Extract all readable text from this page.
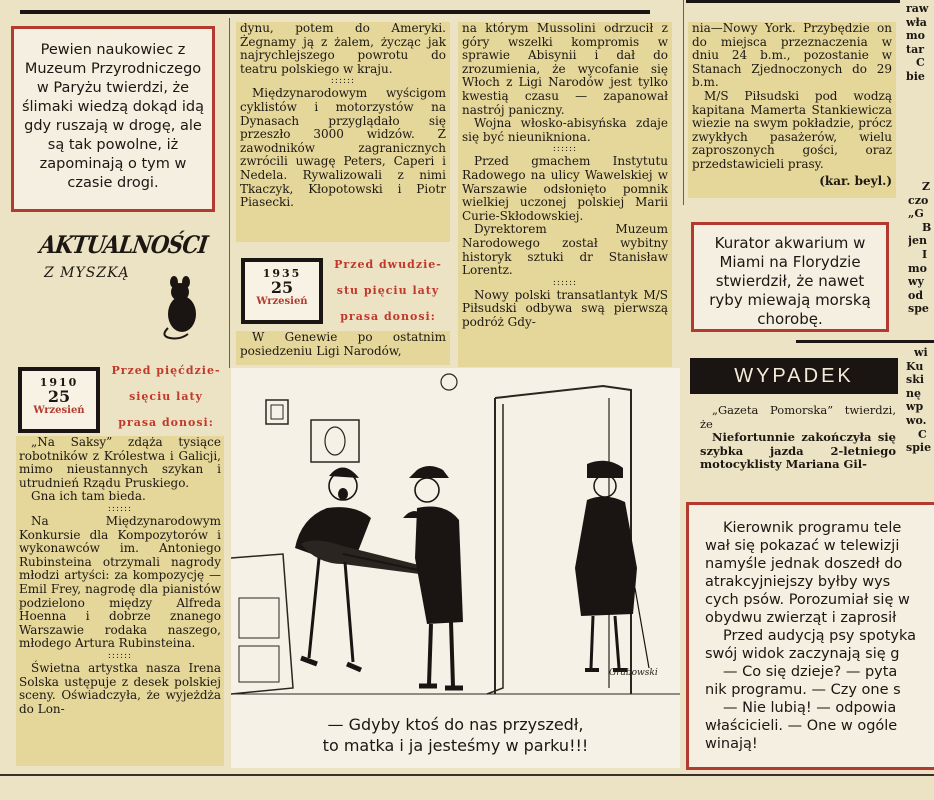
Pewien naukowiec z Muzeum Przyrodniczego w Paryżu twierdzi, że ślimaki wiedzą dokąd idą gdy ruszają w drogę, ale są tak powolne, iż zapominają o tym w czasie drogi.
AKTUALNOŚCI
Z MYSZKĄ
1910
25
Wrzesień
Przed pięćdzie-
sięciu laty
prasa donosi:

„Na Saksy” zdąża tysiące robotników z Królestwa i Galicji, mimo nieustannych szykan i utrudnień Rządu Pruskiego.

Gna ich tam bieda.

::::::

Na Międzynarodowym Konkursie dla Kompozytorów i wykonawców im. Antoniego Rubinsteina otrzymali nagrody młodzi artyści: za kompozycję — Emil Frey, nagrodę dla pianistów podzielono między Alfreda Hoenna i dobrze znanego Warszawie rodaka naszego, młodego Artura Rubinsteina.

::::::

Świetna artystka nasza Irena Solska ustępuje z desek polskiej sceny. Oświadczyła, że wyjeżdża do Lon-

dynu, potem do Ameryki. Żegnamy ją z żalem, życząc jak najrychlejszego powrotu do teatru polskiego w kraju.

::::::

Międzynarodowym wyścigom cyklistów i motorzystów na Dynasach przyglądało się przeszło 3000 widzów. Z zawodników zagranicznych zwrócili uwagę Peters, Caperi i Nedela. Rywalizowali z nimi Tkaczyk, Kłopotowski i Piotr Piasecki.

1935
25
Wrzesień
Przed dwudzie-
stu pięciu laty
prasa donosi:

W Genewie po ostatnim posiedzeniu Ligi Narodów,

na którym Mussolini odrzucił z góry wszelki kompromis w sprawie Abisynii i dał do zrozumienia, że wycofanie się Włoch z Ligi Narodów jest tylko kwestią czasu — zapanował nastrój paniczny.

Wojna włosko-abisyńska zdaje się być nieunikniona.

::::::

Przed gmachem Instytutu Radowego na ulicy Wawelskiej w Warszawie odsłonięto pomnik wielkiej uczonej polskiej Marii Curie-Skłodowskiej.

Dyrektorem Muzeum Narodowego został wybitny historyk sztuki dr Stanisław Lorentz.

::::::

Nowy polski transatlantyk M/S Piłsudski odbywa swą pierwszą podróż Gdy-

nia—Nowy York. Przybędzie on do miejsca przeznaczenia w dniu 24 b.m., pozostanie w Stanach Zjednoczonych do 29 b.m.

M/S Piłsudski pod wodzą kapitana Mamerta Stankiewicza wiezie na swym pokładzie, prócz zwykłych pasażerów, wielu zaproszonych gości, oraz przedstawicieli prasy.

(kar. beyl.)
Kurator akwarium w Miami na Florydzie stwierdził, że nawet ryby miewają morską chorobę.
WYPADEK

„Gazeta Pomorska” twierdzi, że

Niefortunnie zakończyła się szybka jazda 2-letniego motocyklisty Mariana Gil-

Kierownik programu tele
wał się pokazać w telewizji
namyśle jednak doszedł do
atrakcyjniejszy byłby wys
cych psów. Porozumiał się w
obydwu zwierząt i zaprosił
Przed audycją psy spotyka
swój widok zaczynają się g
— Co się dzieje? — pyta
nik programu. — Czy one s
— Nie lubią! — odpowia
właścicieli. — One w ogóle
winają!
Grabowski
— Gdyby ktoś do nas przyszedł,
to matka i ja jesteśmy w parku!!!
raw
wła
mo
tar
C
bie
Z
czo
„G
B
jen
I
mo
wy
od
spe
wi
Ku
ski
nę
wp
wo.
C
spie
